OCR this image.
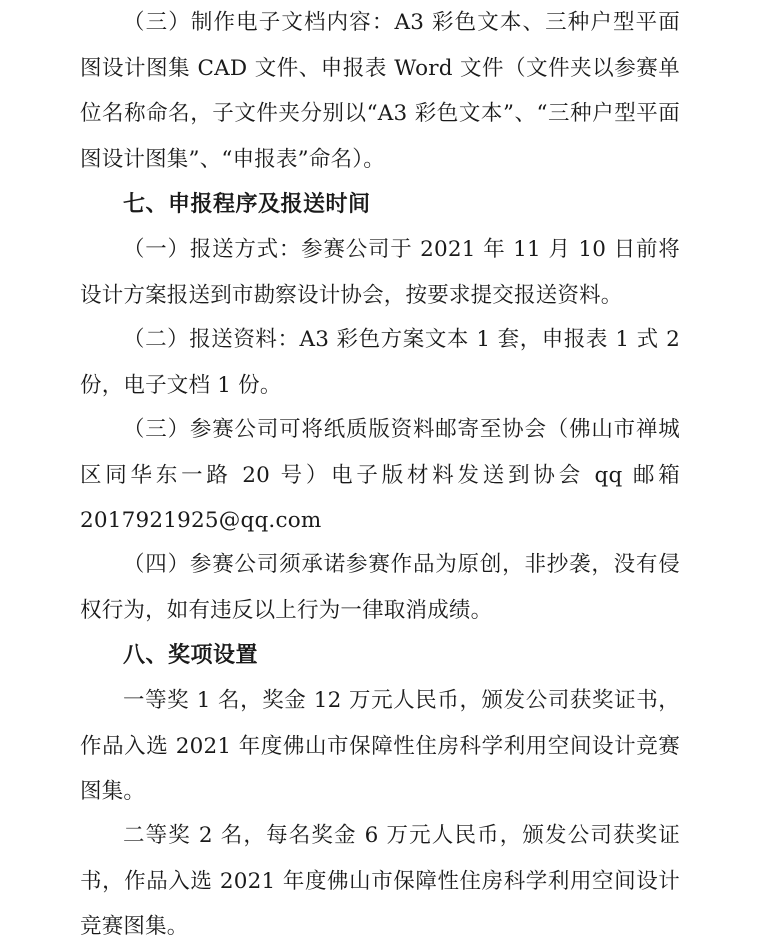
（三）制作电子文档内容：A3 彩色文本、三种户型平面图设计图集 CAD 文件、申报表 Word 文件（文件夹以参赛单位名称命名，子文件夹分别以“A3 彩色文本”、“三种户型平面图设计图集”、“申报表”命名）。

七、申报程序及报送时间

（一）报送方式：参赛公司于 2021 年 11 月 10 日前将设计方案报送到市勘察设计协会，按要求提交报送资料。

（二）报送资料：A3 彩色方案文本 1 套，申报表 1 式 2 份，电子文档 1 份。

（三）参赛公司可将纸质版资料邮寄至协会（佛山市禅城区同华东一路 20 号）电子版材料发送到协会 qq 邮箱2017921925@qq.com

（四）参赛公司须承诺参赛作品为原创，非抄袭，没有侵权行为，如有违反以上行为一律取消成绩。

八、奖项设置

一等奖 1 名，奖金 12 万元人民币，颁发公司获奖证书，作品入选 2021 年度佛山市保障性住房科学利用空间设计竞赛图集。

二等奖 2 名，每名奖金 6 万元人民币，颁发公司获奖证书，作品入选 2021 年度佛山市保障性住房科学利用空间设计竞赛图集。
